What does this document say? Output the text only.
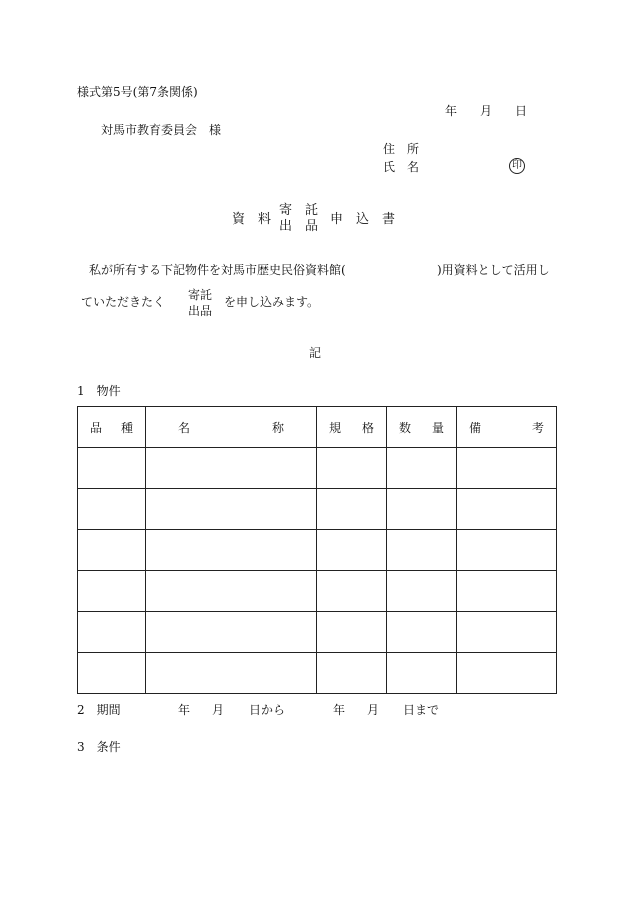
様式第5号(第7条関係)
年 月 日
対馬市教育委員会　様
住　所
氏　名	印
資　料
寄　託
出　品 申　込　書
私が所有する下記物件を対馬市歴史民俗資料館(	)用資料として活用し
ていただきたく 寄託
出品
を申し込みます。
記
1　物件
品 種	名 称	規 格	数 量	備 考

2　期間	年 月 日から	年 月 日まで
3　条件
